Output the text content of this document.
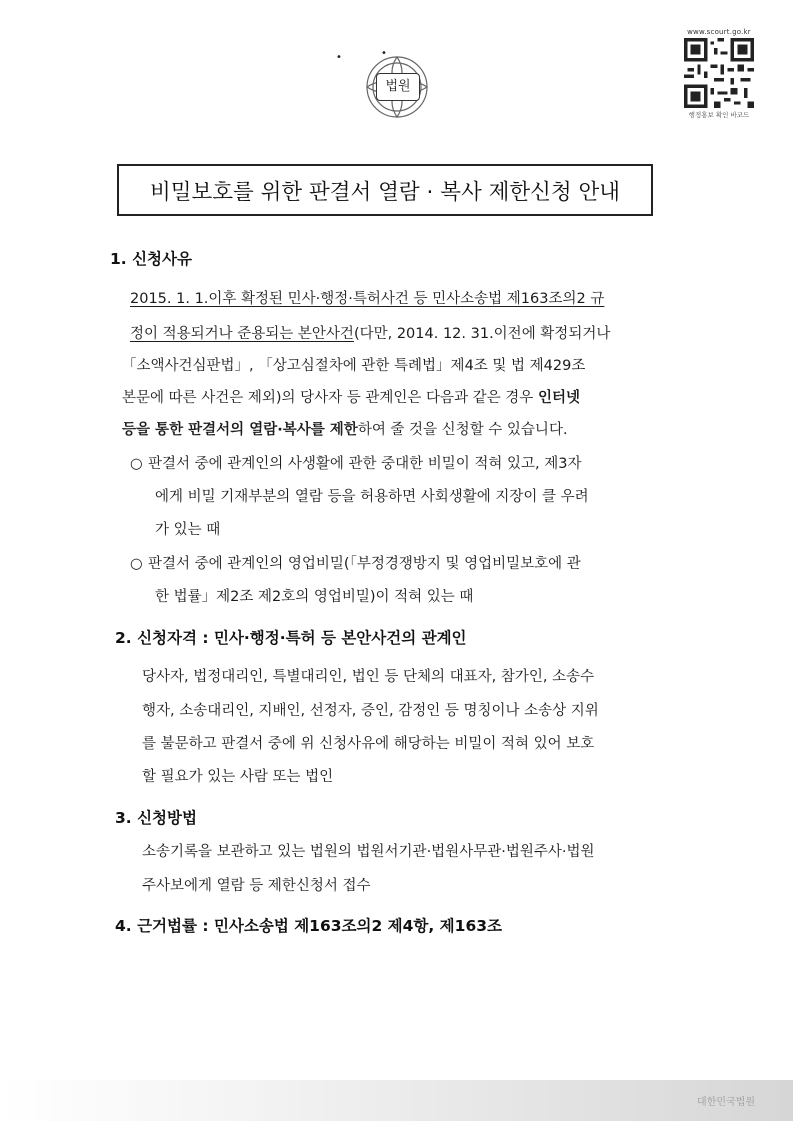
•	•
법원
www.scourt.go.kr
행정홍보 확인 바코드
비밀보호를 위한 판결서 열람 · 복사 제한신청 안내
1. 신청사유
2015. 1. 1.이후 확정된 민사·행정·특허사건 등 민사소송법 제163조의2 규
정이 적용되거나 준용되는 본안사건(다만, 2014. 12. 31.이전에 확정되거나
「소액사건심판법」, 「상고심절차에 관한 특례법」제4조 및 법 제429조
본문에 따른 사건은 제외)의 당사자 등 관계인은 다음과 같은 경우 인터넷
등을 통한 판결서의 열람·복사를 제한하여 줄 것을 신청할 수 있습니다.
○ 판결서 중에 관계인의 사생활에 관한 중대한 비밀이 적혀 있고, 제3자
에게 비밀 기재부분의 열람 등을 허용하면 사회생활에 지장이 클 우려
가 있는 때
○ 판결서 중에 관계인의 영업비밀(「부정경쟁방지 및 영업비밀보호에 관
한 법률」제2조 제2호의 영업비밀)이 적혀 있는 때
2. 신청자격 : 민사·행정·특허 등 본안사건의 관계인
당사자, 법정대리인, 특별대리인, 법인 등 단체의 대표자, 참가인, 소송수
행자, 소송대리인, 지배인, 선정자, 증인, 감정인 등 명칭이나 소송상 지위
를 불문하고 판결서 중에 위 신청사유에 해당하는 비밀이 적혀 있어 보호
할 필요가 있는 사람 또는 법인
3. 신청방법
소송기록을 보관하고 있는 법원의 법원서기관·법원사무관·법원주사·법원
주사보에게 열람 등 제한신청서 접수
4. 근거법률 : 민사소송법 제163조의2 제4항, 제163조
대한민국법원
